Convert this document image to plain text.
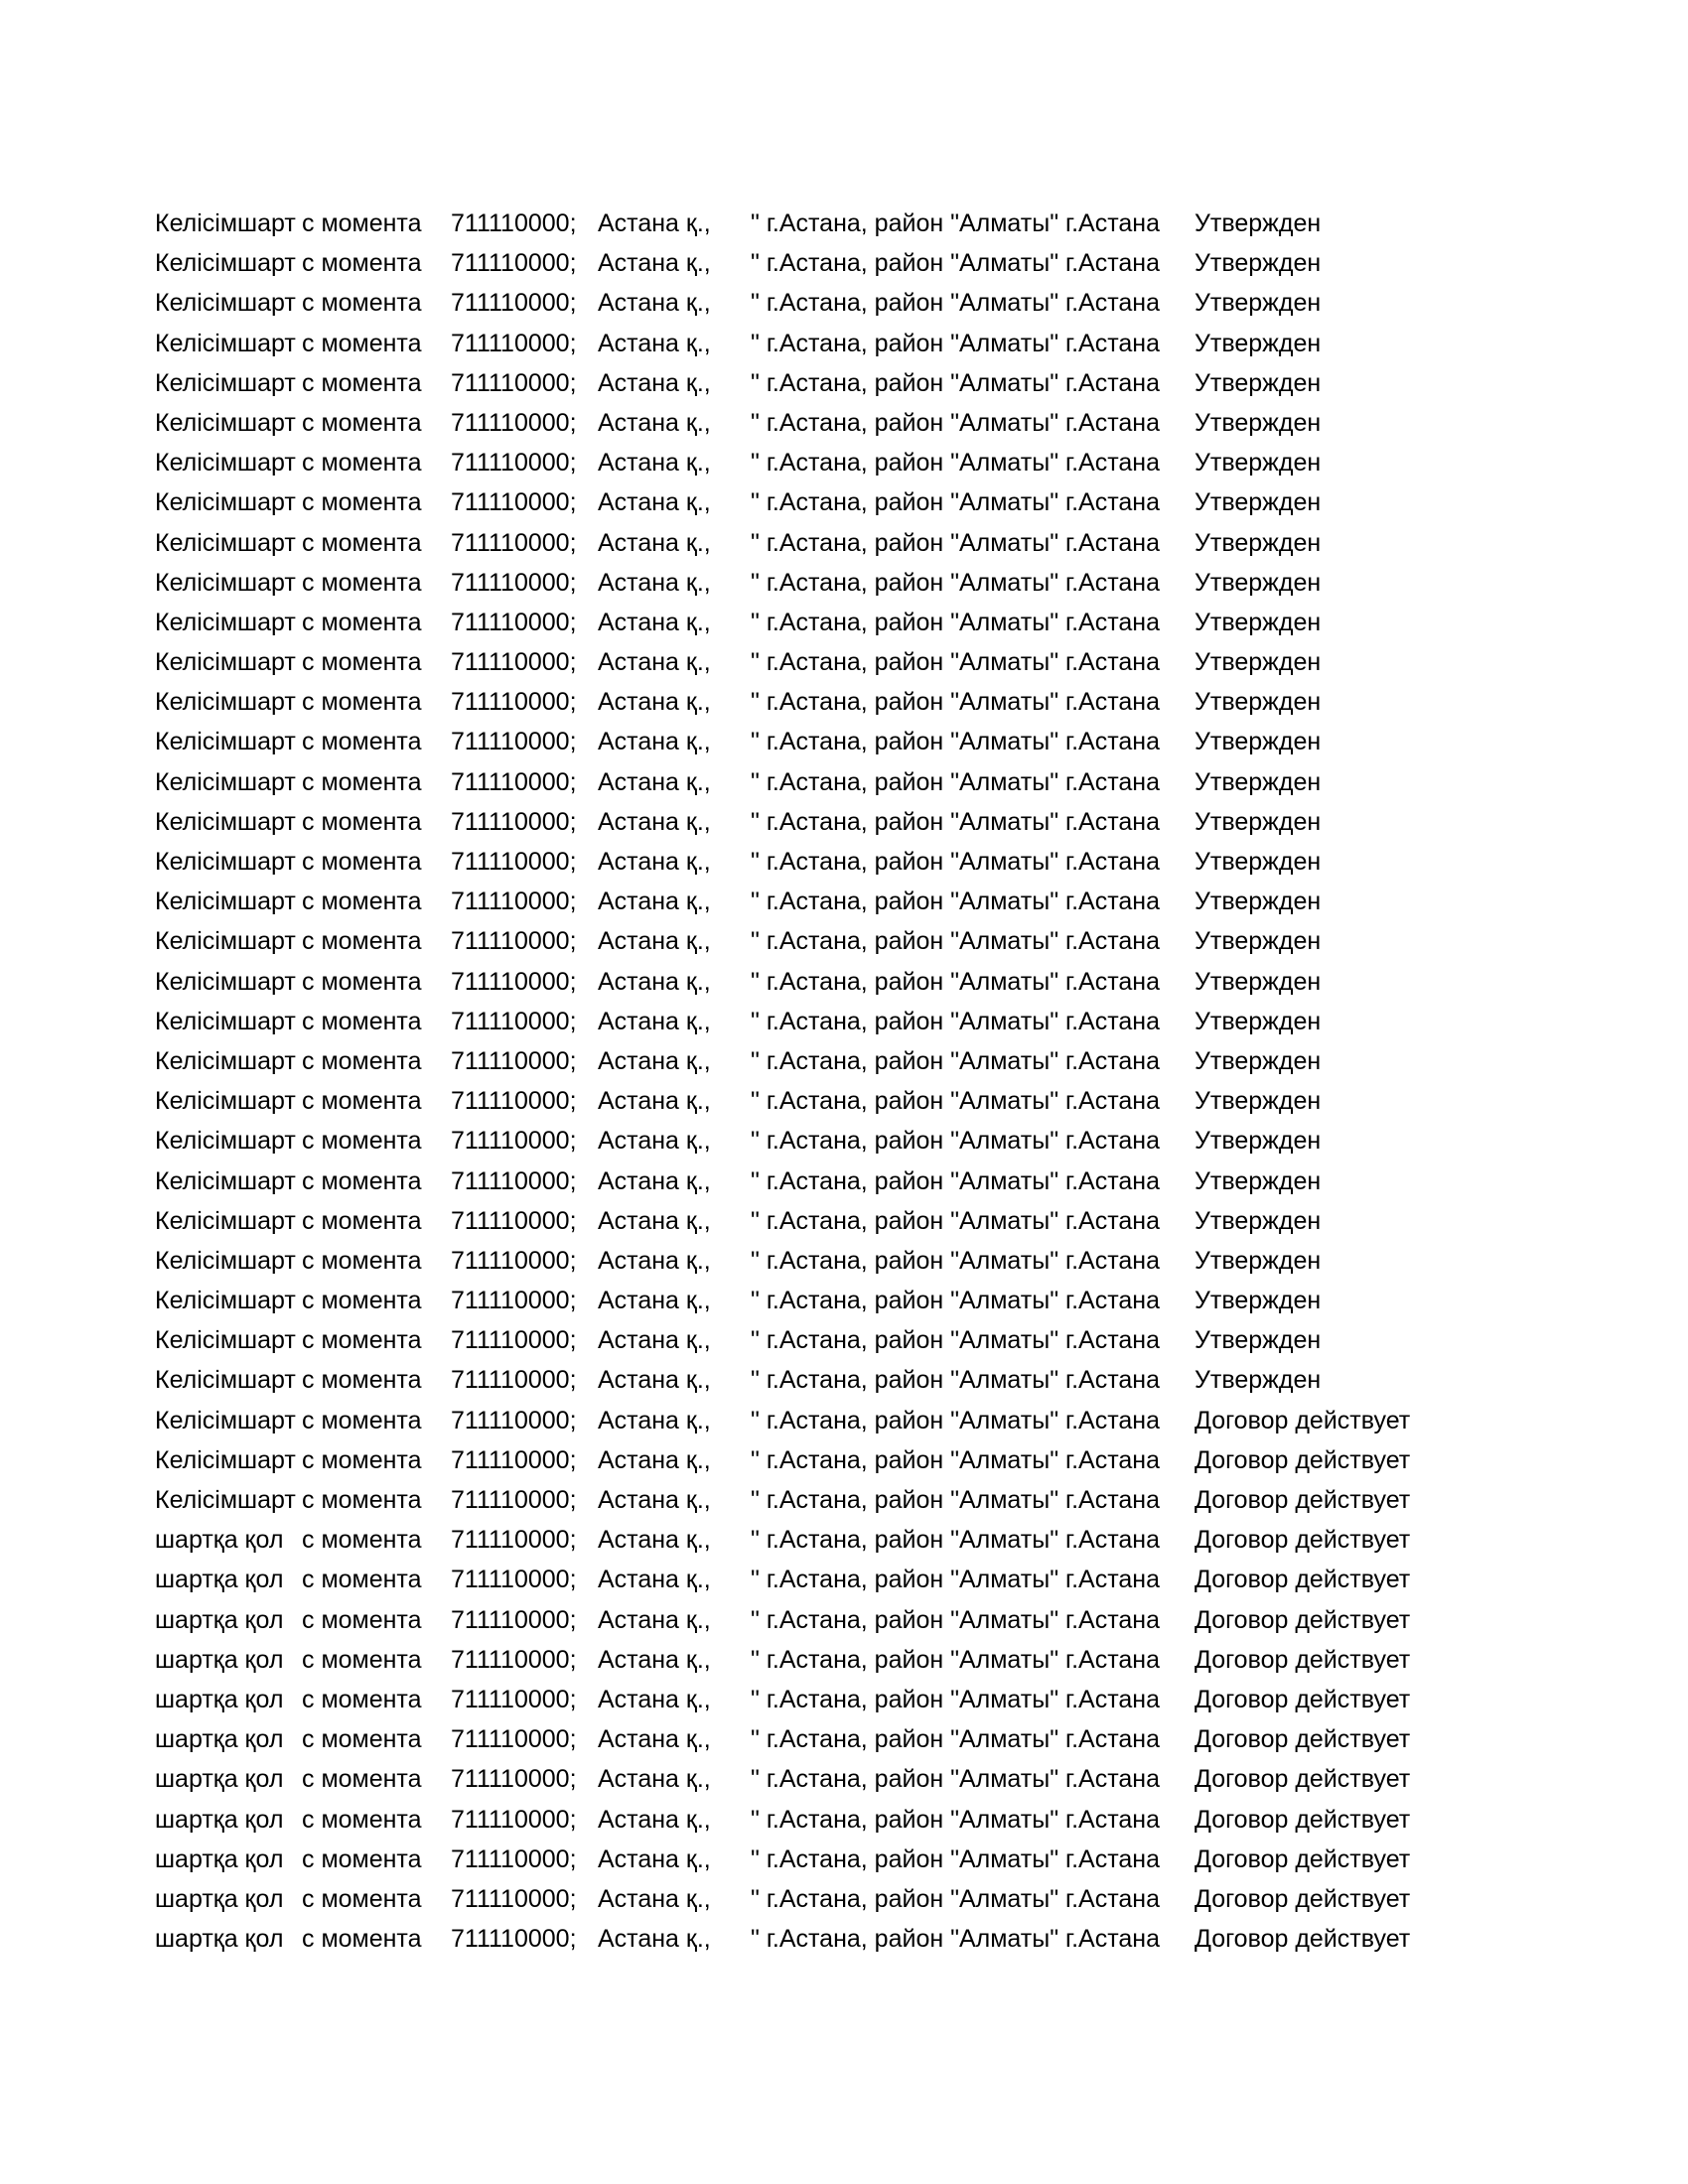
Келісімшарт с момента	711110000; Астана қ.,	" г.Астана, район "Алматы" г.Астана	Утвержден
Келісімшарт с момента	711110000; Астана қ.,	" г.Астана, район "Алматы" г.Астана	Утвержден
Келісімшарт с момента	711110000; Астана қ.,	" г.Астана, район "Алматы" г.Астана	Утвержден
Келісімшарт с момента	711110000; Астана қ.,	" г.Астана, район "Алматы" г.Астана	Утвержден
Келісімшарт с момента	711110000; Астана қ.,	" г.Астана, район "Алматы" г.Астана	Утвержден
Келісімшарт с момента	711110000; Астана қ.,	" г.Астана, район "Алматы" г.Астана	Утвержден
Келісімшарт с момента	711110000; Астана қ.,	" г.Астана, район "Алматы" г.Астана	Утвержден
Келісімшарт с момента	711110000; Астана қ.,	" г.Астана, район "Алматы" г.Астана	Утвержден
Келісімшарт с момента	711110000; Астана қ.,	" г.Астана, район "Алматы" г.Астана	Утвержден
Келісімшарт с момента	711110000; Астана қ.,	" г.Астана, район "Алматы" г.Астана	Утвержден
Келісімшарт с момента	711110000; Астана қ.,	" г.Астана, район "Алматы" г.Астана	Утвержден
Келісімшарт с момента	711110000; Астана қ.,	" г.Астана, район "Алматы" г.Астана	Утвержден
Келісімшарт с момента	711110000; Астана қ.,	" г.Астана, район "Алматы" г.Астана	Утвержден
Келісімшарт с момента	711110000; Астана қ.,	" г.Астана, район "Алматы" г.Астана	Утвержден
Келісімшарт с момента	711110000; Астана қ.,	" г.Астана, район "Алматы" г.Астана	Утвержден
Келісімшарт с момента	711110000; Астана қ.,	" г.Астана, район "Алматы" г.Астана	Утвержден
Келісімшарт с момента	711110000; Астана қ.,	" г.Астана, район "Алматы" г.Астана	Утвержден
Келісімшарт с момента	711110000; Астана қ.,	" г.Астана, район "Алматы" г.Астана	Утвержден
Келісімшарт с момента	711110000; Астана қ.,	" г.Астана, район "Алматы" г.Астана	Утвержден
Келісімшарт с момента	711110000; Астана қ.,	" г.Астана, район "Алматы" г.Астана	Утвержден
Келісімшарт с момента	711110000; Астана қ.,	" г.Астана, район "Алматы" г.Астана	Утвержден
Келісімшарт с момента	711110000; Астана қ.,	" г.Астана, район "Алматы" г.Астана	Утвержден
Келісімшарт с момента	711110000; Астана қ.,	" г.Астана, район "Алматы" г.Астана	Утвержден
Келісімшарт с момента	711110000; Астана қ.,	" г.Астана, район "Алматы" г.Астана	Утвержден
Келісімшарт с момента	711110000; Астана қ.,	" г.Астана, район "Алматы" г.Астана	Утвержден
Келісімшарт с момента	711110000; Астана қ.,	" г.Астана, район "Алматы" г.Астана	Утвержден
Келісімшарт с момента	711110000; Астана қ.,	" г.Астана, район "Алматы" г.Астана	Утвержден
Келісімшарт с момента	711110000; Астана қ.,	" г.Астана, район "Алматы" г.Астана	Утвержден
Келісімшарт с момента	711110000; Астана қ.,	" г.Астана, район "Алматы" г.Астана	Утвержден
Келісімшарт с момента	711110000; Астана қ.,	" г.Астана, район "Алматы" г.Астана	Утвержден
Келісімшарт с момента	711110000; Астана қ.,	" г.Астана, район "Алматы" г.Астана	Договор действует
Келісімшарт с момента	711110000; Астана қ.,	" г.Астана, район "Алматы" г.Астана	Договор действует
Келісімшарт с момента	711110000; Астана қ.,	" г.Астана, район "Алматы" г.Астана	Договор действует
шартқа қол с момента	711110000; Астана қ.,	" г.Астана, район "Алматы" г.Астана	Договор действует
шартқа қол с момента	711110000; Астана қ.,	" г.Астана, район "Алматы" г.Астана	Договор действует
шартқа қол с момента	711110000; Астана қ.,	" г.Астана, район "Алматы" г.Астана	Договор действует
шартқа қол с момента	711110000; Астана қ.,	" г.Астана, район "Алматы" г.Астана	Договор действует
шартқа қол с момента	711110000; Астана қ.,	" г.Астана, район "Алматы" г.Астана	Договор действует
шартқа қол с момента	711110000; Астана қ.,	" г.Астана, район "Алматы" г.Астана	Договор действует
шартқа қол с момента	711110000; Астана қ.,	" г.Астана, район "Алматы" г.Астана	Договор действует
шартқа қол с момента	711110000; Астана қ.,	" г.Астана, район "Алматы" г.Астана	Договор действует
шартқа қол с момента	711110000; Астана қ.,	" г.Астана, район "Алматы" г.Астана	Договор действует
шартқа қол с момента	711110000; Астана қ.,	" г.Астана, район "Алматы" г.Астана	Договор действует
шартқа қол с момента	711110000; Астана қ.,	" г.Астана, район "Алматы" г.Астана	Договор действует
